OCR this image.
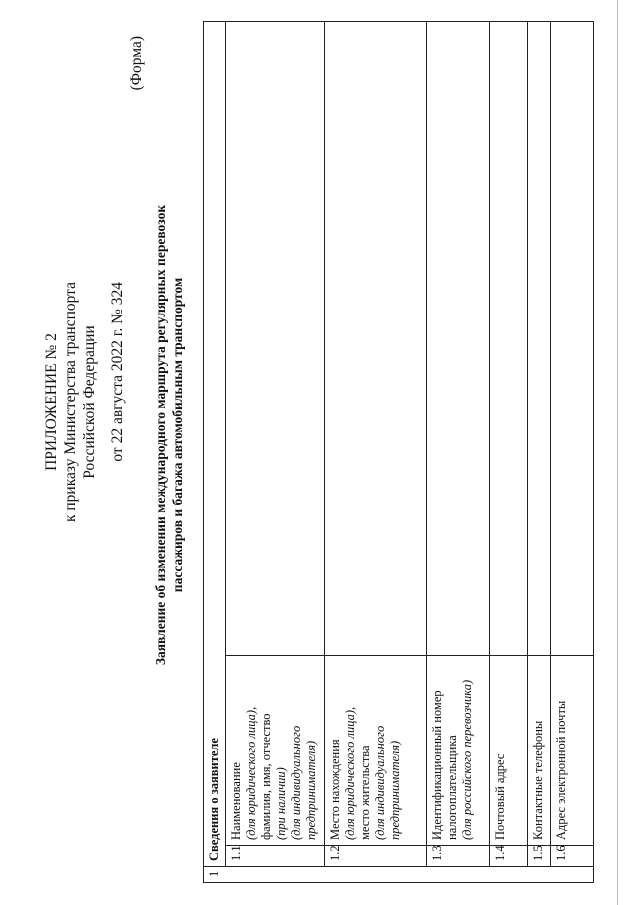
ПРИЛОЖЕНИЕ № 2 к приказу Министерства транспорта Российской Федерации от 22 августа 2022 г. № 324
(Форма)
Заявление об изменении международного маршрута регулярных перевозок пассажиров и багажа автомобильным транспортом
1	Сведения о заявителе		
	1.1	Наименование (для юридического лица), фамилия, имя, отчество (при наличии) (для индивидуального предпринимателя)	

	1.2	Место нахождения (для юридического лица), место жительства (для индивидуального предпринимателя)	

	1.3	Идентификационный номер налогоплательщика (для российского перевозчика)	

	1.4	Почтовый адрес	

	1.5	Контактные телефоны	

	1.6	Адрес электронной почты	
